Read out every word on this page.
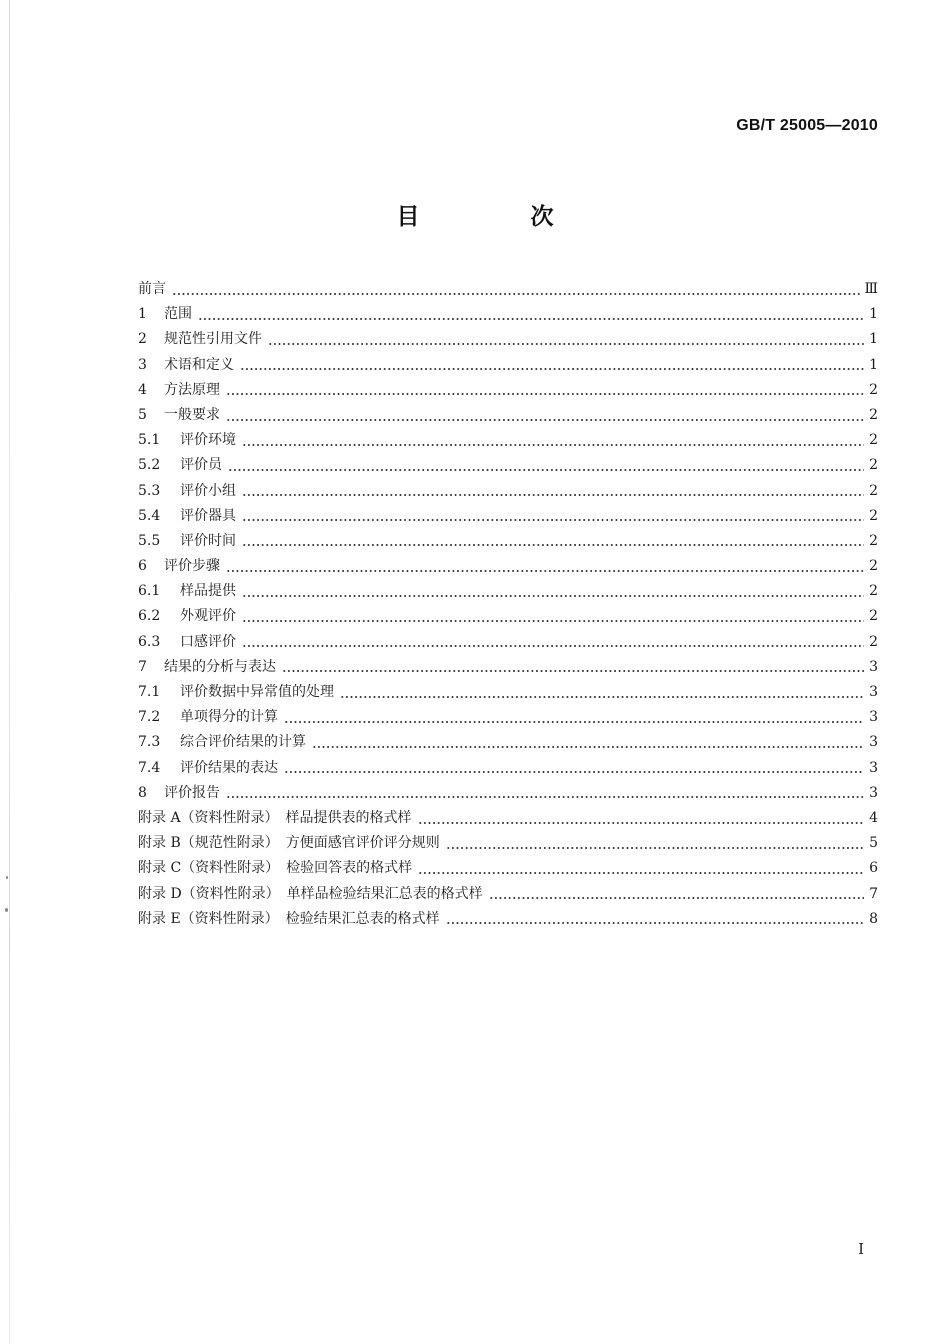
GB/T 25005—2010
目　次
前言	Ⅲ
1	范围	1
2	规范性引用文件	1
3	术语和定义	1
4	方法原理	2
5	一般要求	2
5.1	评价环境	2
5.2	评价员	2
5.3	评价小组	2
5.4	评价器具	2
5.5	评价时间	2
6	评价步骤	2
6.1	样品提供	2
6.2	外观评价	2
6.3	口感评价	2
7	结果的分析与表达	3
7.1	评价数据中异常值的处理	3
7.2	单项得分的计算	3
7.3	综合评价结果的计算	3
7.4	评价结果的表达	3
8	评价报告	3
附录 A（资料性附录）　样品提供表的格式样	4
附录 B（规范性附录）　方便面感官评价评分规则	5
附录 C（资料性附录）　检验回答表的格式样	6
附录 D（资料性附录）　单样品检验结果汇总表的格式样	7
附录 E（资料性附录）　检验结果汇总表的格式样	8
I
